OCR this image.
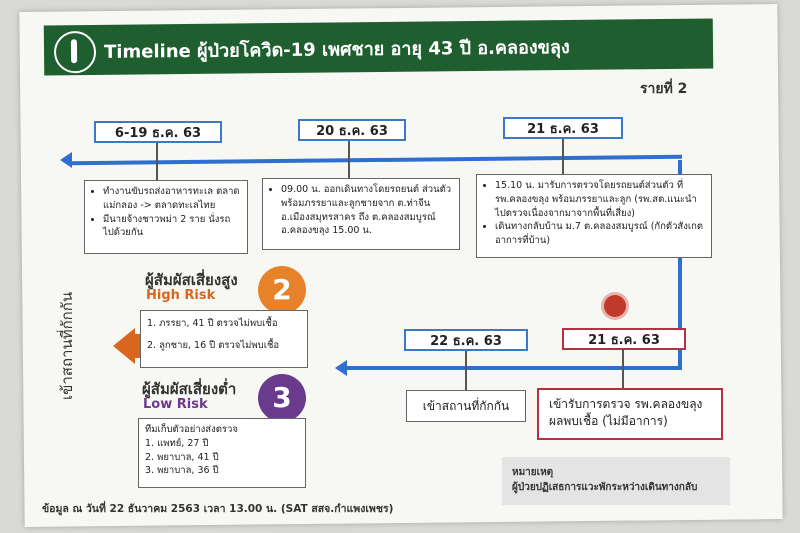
Timeline ผู้ป่วยโควิด-19 เพศชาย อายุ 43 ปี อ.คลองขลุง
รายที่ 2
6-19 ธ.ค. 63	20 ธ.ค. 63	21 ธ.ค. 63
22 ธ.ค. 63	21 ธ.ค. 63
• ทำงานขับรถส่งอาหารทะเล ตลาดแม่กลอง -> ตลาดทะเลไทย
• มีนายจ้างชาวพม่า 2 ราย นั่งรถไปด้วยกัน
• 09.00 น. ออกเดินทางโดยรถยนต์ ส่วนตัวพร้อมภรรยาและลูกชายจาก ต.ท่าจีน อ.เมืองสมุทรสาคร ถึง ต.คลองสมบูรณ์ อ.คลองขลุง 15.00 น.
• 15.10 น. มารับการตรวจโดยรถยนต์ส่วนตัว ที่ รพ.คลองขลุง พร้อมภรรยาและลูก (รพ.สต.แนะนำไปตรวจเนื่องจากมาจากพื้นที่เสี่ยง)
• เดินทางกลับบ้าน ม.7 ต.คลองสมบูรณ์ (กักตัวสังเกตอาการที่บ้าน)
เข้าสถานที่กักกัน	เข้ารับการตรวจ รพ.คลองขลุง ผลพบเชื้อ (ไม่มีอาการ)
เข้าสถานที่กักกัน
ผู้สัมผัสเสี่ยงสูง
High Risk	2
1. ภรรยา, 41 ปี ตรวจไม่พบเชื้อ
2. ลูกชาย, 16 ปี ตรวจไม่พบเชื้อ
ผู้สัมผัสเสี่ยงต่ำ
Low Risk	3
ทีมเก็บตัวอย่างส่งตรวจ
1. แพทย์, 27 ปี
2. พยาบาล, 41 ปี
3. พยาบาล, 36 ปี	หมายเหตุ
ผู้ป่วยปฏิเสธการแวะพักระหว่างเดินทางกลับ
ข้อมูล ณ วันที่ 22 ธันวาคม 2563 เวลา 13.00 น. (SAT สสจ.กำแพงเพชร)
